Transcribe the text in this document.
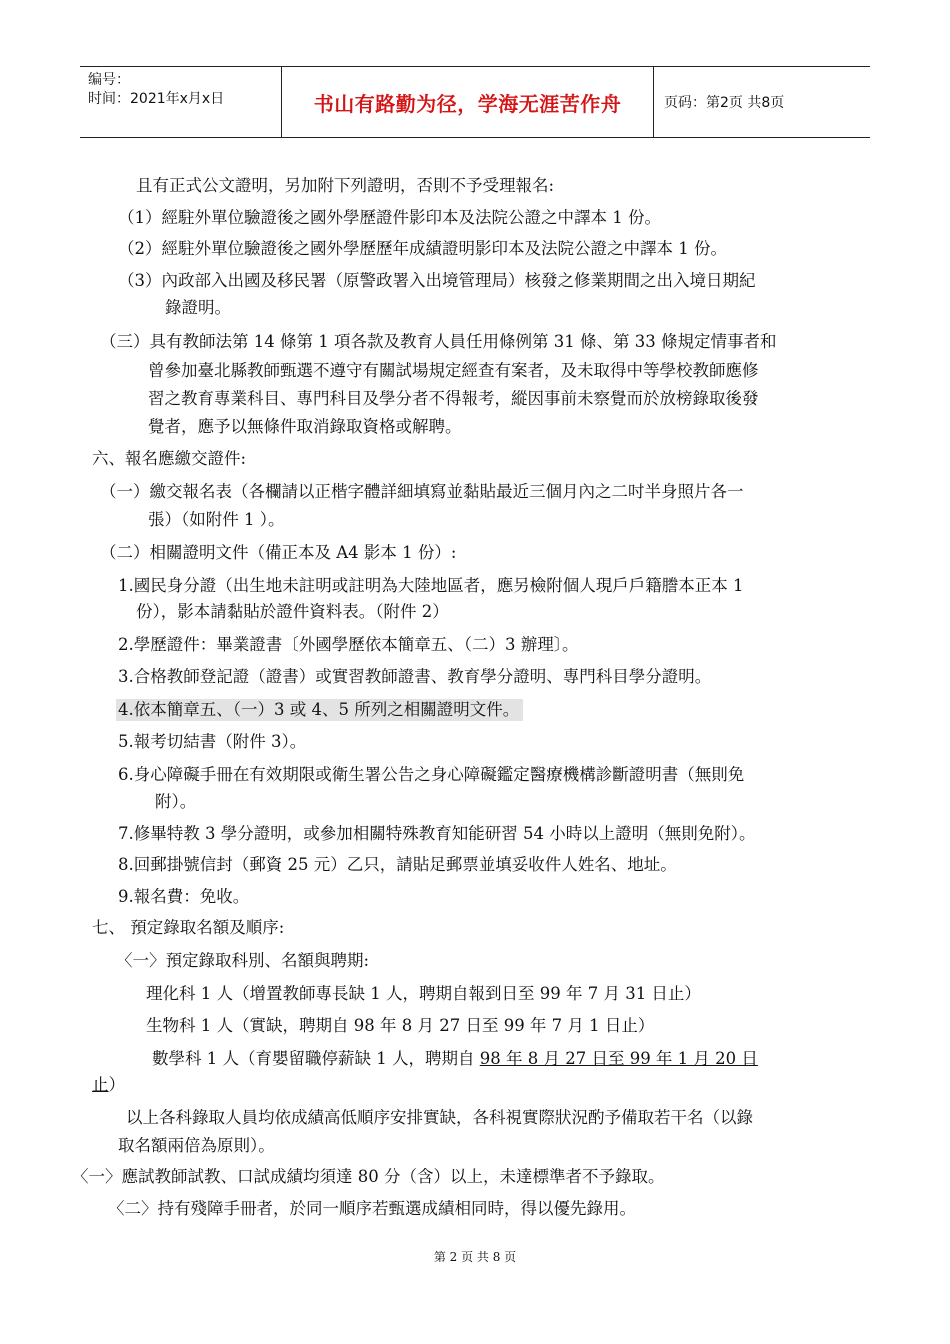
编号：
时间：2021年x月x日	书山有路勤为径，学海无涯苦作舟	页码：第2页 共8页
且有正式公文證明，另加附下列證明，否則不予受理報名:
（1）經駐外單位驗證後之國外學歷證件影印本及法院公證之中譯本 1 份。
（2）經駐外單位驗證後之國外學歷歷年成績證明影印本及法院公證之中譯本 1 份。
（3）內政部入出國及移民署（原警政署入出境管理局）核發之修業期間之出入境日期紀
錄證明。
（三）具有教師法第 14 條第 1 項各款及教育人員任用條例第 31 條、第 33 條規定情事者和
曾參加臺北縣教師甄選不遵守有關試場規定經查有案者，及未取得中等學校教師應修
習之教育專業科目、專門科目及學分者不得報考，縱因事前未察覺而於放榜錄取後發
覺者，應予以無條件取消錄取資格或解聘。
六、報名應繳交證件:
（一）繳交報名表（各欄請以正楷字體詳細填寫並黏貼最近三個月內之二吋半身照片各一
張）（如附件 1 ）。
（二）相關證明文件（備正本及 A4 影本 1 份）:
1.國民身分證（出生地未註明或註明為大陸地區者，應另檢附個人現戶戶籍謄本正本 1
份），影本請黏貼於證件資料表。（附件 2）
2.學歷證件：畢業證書〔外國學歷依本簡章五、（二）3 辦理〕。
3.合格教師登記證（證書）或實習教師證書、教育學分證明、專門科目學分證明。
4.依本簡章五、（一）3 或 4、5 所列之相關證明文件。
5.報考切結書（附件 3）。
6.身心障礙手冊在有效期限或衛生署公告之身心障礙鑑定醫療機構診斷證明書（無則免
附）。
7.修畢特教 3 學分證明，或參加相關特殊教育知能研習 54 小時以上證明（無則免附）。
8.回郵掛號信封（郵資 25 元）乙只，請貼足郵票並填妥收件人姓名、地址。
9.報名費：免收。
七、 預定錄取名額及順序:
〈一〉預定錄取科別、名額與聘期:
理化科 1 人（增置教師專長缺 1 人，聘期自報到日至 99 年 7 月 31 日止）
生物科 1 人（實缺，聘期自 98 年 8 月 27 日至 99 年 7 月 1 日止）
數學科 1 人（育嬰留職停薪缺 1 人，聘期自 98 年 8 月 27 日至 99 年 1 月 20 日
止）
以上各科錄取人員均依成績高低順序安排實缺，各科視實際狀況酌予備取若干名（以錄
取名額兩倍為原則）。
〈一〉應試教師試教、口試成績均須達 80 分（含）以上，未達標準者不予錄取。
〈二〉持有殘障手冊者，於同一順序若甄選成績相同時，得以優先錄用。
第 2 页 共 8 页
